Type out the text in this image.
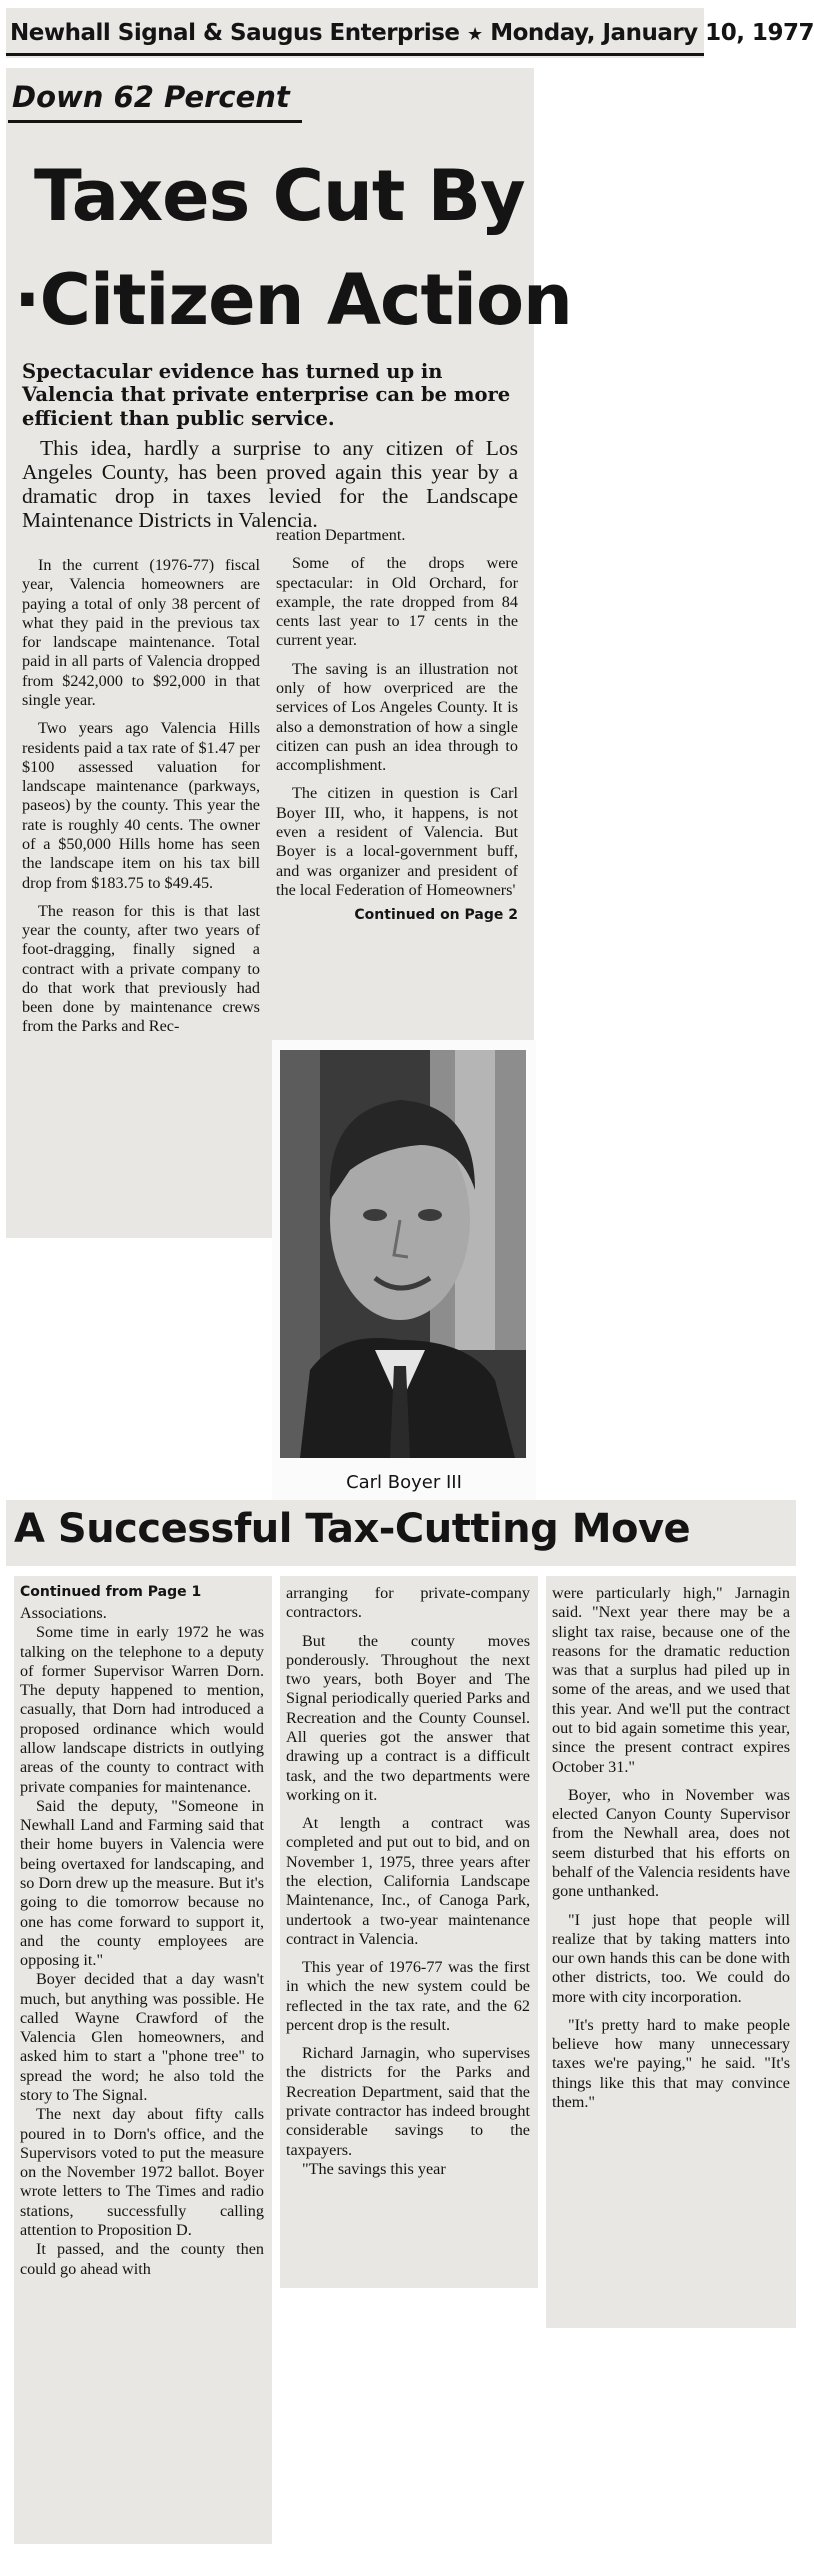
Newhall Signal & Saugus Enterprise ★ Monday, January 10, 1977
Down 62 Percent
Taxes Cut By
·Citizen Action
Spectacular evidence has turned up in Valencia that private enterprise can be more efficient than public service.
This idea, hardly a surprise to any citizen of Los Angeles County, has been proved again this year by a dramatic drop in taxes levied for the Landscape Maintenance Districts in Valencia.

In the current (1976-77) fiscal year, Valencia homeowners are paying a total of only 38 percent of what they paid in the previous tax for landscape maintenance. Total paid in all parts of Valencia dropped from $242,000 to $92,000 in that single year.

Two years ago Valencia Hills residents paid a tax rate of $1.47 per $100 assessed valuation for landscape maintenance (parkways, paseos) by the county. This year the rate is roughly 40 cents. The owner of a $50,000 Hills home has seen the landscape item on his tax bill drop from $183.75 to $49.45.

The reason for this is that last year the county, after two years of foot-dragging, finally signed a contract with a private company to do that work that previously had been done by maintenance crews from the Parks and Rec-

reation Department.

Some of the drops were spectacular: in Old Orchard, for example, the rate dropped from 84 cents last year to 17 cents in the current year.

The saving is an illustration not only of how overpriced are the services of Los Angeles County. It is also a demonstration of how a single citizen can push an idea through to accomplishment.

The citizen in question is Carl Boyer III, who, it happens, is not even a resident of Valencia. But Boyer is a local-government buff, and was organizer and president of the local Federation of Homeowners'

Continued on Page 2
Carl Boyer III
A Successful Tax-Cutting Move
Continued from Page 1

Associations.

Some time in early 1972 he was talking on the telephone to a deputy of former Supervisor Warren Dorn. The deputy happened to mention, casually, that Dorn had introduced a proposed ordinance which would allow landscape districts in outlying areas of the county to contract with private companies for maintenance.

Said the deputy, "Someone in Newhall Land and Farming said that their home buyers in Valencia were being overtaxed for landscaping, and so Dorn drew up the measure. But it's going to die tomorrow because no one has come forward to support it, and the county employees are opposing it."

Boyer decided that a day wasn't much, but anything was possible. He called Wayne Crawford of the Valencia Glen homeowners, and asked him to start a "phone tree" to spread the word; he also told the story to The Signal.

The next day about fifty calls poured in to Dorn's office, and the Supervisors voted to put the measure on the November 1972 ballot. Boyer wrote letters to The Times and radio stations, successfully calling attention to Proposition D.

It passed, and the county then could go ahead with

arranging for private-company contractors.

But the county moves ponderously. Throughout the next two years, both Boyer and The Signal periodically queried Parks and Recreation and the County Counsel. All queries got the answer that drawing up a contract is a difficult task, and the two departments were working on it.

At length a contract was completed and put out to bid, and on November 1, 1975, three years after the election, California Landscape Maintenance, Inc., of Canoga Park, undertook a two-year maintenance contract in Valencia.

This year of 1976-77 was the first in which the new system could be reflected in the tax rate, and the 62 percent drop is the result.

Richard Jarnagin, who supervises the districts for the Parks and Recreation Department, said that the private contractor has indeed brought considerable savings to the taxpayers.

"The savings this year

were particularly high," Jarnagin said. "Next year there may be a slight tax raise, because one of the reasons for the dramatic reduction was that a surplus had piled up in some of the areas, and we used that this year. And we'll put the contract out to bid again sometime this year, since the present contract expires October 31."

Boyer, who in November was elected Canyon County Supervisor from the Newhall area, does not seem disturbed that his efforts on behalf of the Valencia residents have gone unthanked.

"I just hope that people will realize that by taking matters into our own hands this can be done with other districts, too. We could do more with city incorporation.

"It's pretty hard to make people believe how many unnecessary taxes we're paying," he said. "It's things like this that may convince them."
